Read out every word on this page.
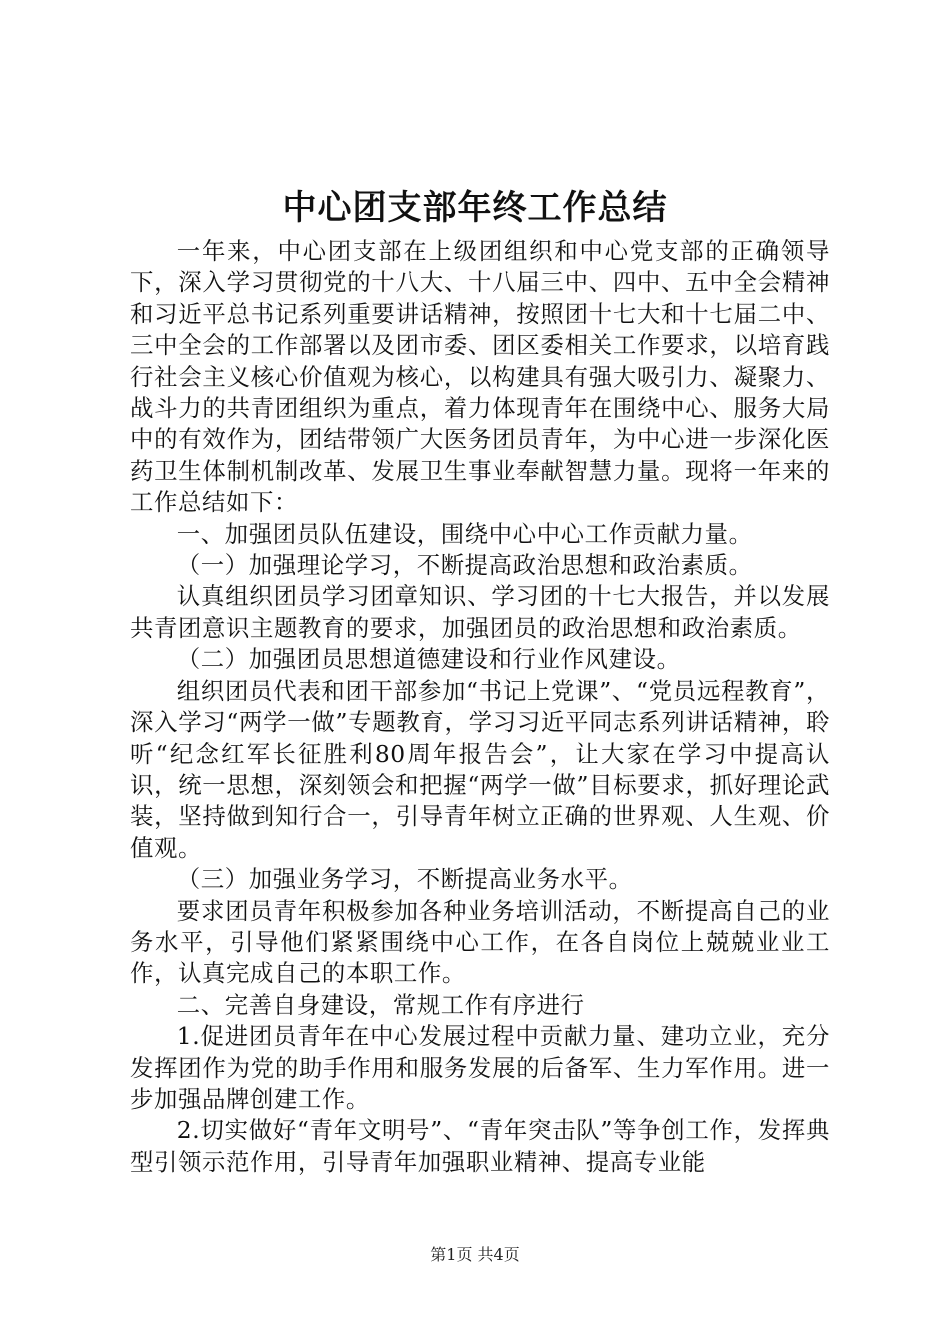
中心团支部年终工作总结

一年来，中心团支部在上级团组织和中心党支部的正确领导下，深入学习贯彻党的十八大、十八届三中、四中、五中全会精神和习近平总书记系列重要讲话精神，按照团十七大和十七届二中、三中全会的工作部署以及团市委、团区委相关工作要求，以培育践行社会主义核心价值观为核心，以构建具有强大吸引力、凝聚力、战斗力的共青团组织为重点，着力体现青年在围绕中心、服务大局中的有效作为，团结带领广大医务团员青年，为中心进一步深化医药卫生体制机制改革、发展卫生事业奉献智慧力量。现将一年来的工作总结如下：

一、加强团员队伍建设，围绕中心中心工作贡献力量。

（一）加强理论学习，不断提高政治思想和政治素质。

认真组织团员学习团章知识、学习团的十七大报告，并以发展共青团意识主题教育的要求，加强团员的政治思想和政治素质。

（二）加强团员思想道德建设和行业作风建设。

组织团员代表和团干部参加“书记上党课”、“党员远程教育”，深入学习“两学一做”专题教育，学习习近平同志系列讲话精神，聆听“纪念红军长征胜利80周年报告会”，让大家在学习中提高认识，统一思想，深刻领会和把握“两学一做”目标要求，抓好理论武装，坚持做到知行合一，引导青年树立正确的世界观、人生观、价值观。

（三）加强业务学习，不断提高业务水平。

要求团员青年积极参加各种业务培训活动，不断提高自己的业务水平，引导他们紧紧围绕中心工作，在各自岗位上兢兢业业工作，认真完成自己的本职工作。

二、完善自身建设，常规工作有序进行

1.促进团员青年在中心发展过程中贡献力量、建功立业，充分发挥团作为党的助手作用和服务发展的后备军、生力军作用。进一步加强品牌创建工作。

2.切实做好“青年文明号”、“青年突击队”等争创工作，发挥典型引领示范作用，引导青年加强职业精神、提高专业能

第1页 共4页
